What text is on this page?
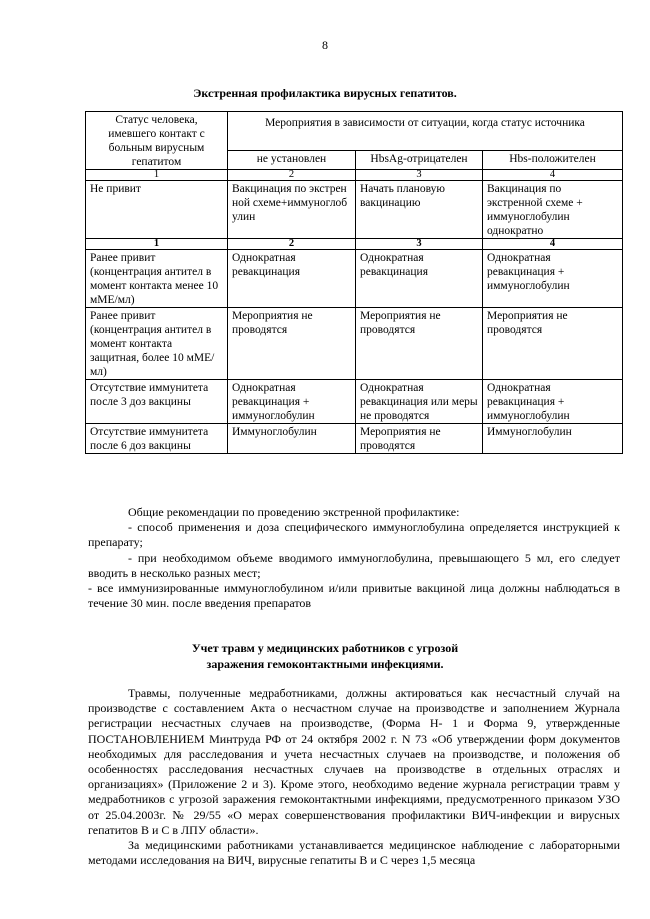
8
Экстренная профилактика вирусных гепатитов.
Статус человека, имевшего контакт с больным вирусным гепатитом	Мероприятия в зависимости от ситуации, когда статус источника		
	не установлен	HbsAg-отрицателен	Hbs-положителен
1	2	3	4
Не привит	Вакцинация по экстренной схеме+иммуноглобулин	Начать плановую вакцинацию	Вакцинация по экстренной схеме + иммуноглобулин однократно
1	2	3	4
Ранее привит (концентрация антител в момент контакта менее 10 мМЕ/мл)	Однократная ревакцинация	Однократная ревакцинация	Однократная ревакцинация + иммуноглобулин
Ранее привит (концентрация антител в момент контакта защитная, более 10 мМЕ/мл)	Мероприятия не проводятся	Мероприятия не проводятся	Мероприятия не проводятся
Отсутствие иммунитета после 3 доз вакцины	Однократная ревакцинация + иммуноглобулин	Однократная ревакцинация или меры не проводятся	Однократная ревакцинация + иммуноглобулин
Отсутствие иммунитета после 6 доз вакцины	Иммуноглобулин	Мероприятия не проводятся	Иммуноглобулин

Общие рекомендации по проведению экстренной профилактике:

- способ применения и доза специфического иммуноглобулина определяется инструкцией к препарату;

- при необходимом объеме вводимого иммуноглобулина, превышающего 5 мл, его следует вводить в несколько разных мест;

- все иммунизированные иммуноглобулином и/или привитые вакциной лица должны наблюдаться в течение 30 мин. после введения препаратов

Учет травм у медицинских работников с угрозой
заражения гемоконтактными инфекциями.

Травмы, полученные медработниками, должны актироваться как несчастный случай на производстве с составлением Акта о несчастном случае на производстве и заполнением Журнала регистрации несчастных случаев на производстве, (Форма Н- 1 и Форма 9, утвержденные ПОСТАНОВЛЕНИЕМ Минтруда РФ от 24 октября 2002 г. N 73 «Об утверждении форм документов необходимых для расследования и учета несчастных случаев на производстве, и положения об особенностях расследования несчастных случаев на производстве в отдельных отраслях и организациях» (Приложение 2 и 3). Кроме этого, необходимо ведение журнала регистрации травм у медработников с угрозой заражения гемоконтактными инфекциями, предусмотренного приказом УЗО от 25.04.2003г. № 29/55 «О мерах совершенствования профилактики ВИЧ-инфекции и вирусных гепатитов В и С в ЛПУ области».

За медицинскими работниками устанавливается медицинское наблюдение с лабораторными методами исследования на ВИЧ, вирусные гепатиты В и С через 1,5 месяца
